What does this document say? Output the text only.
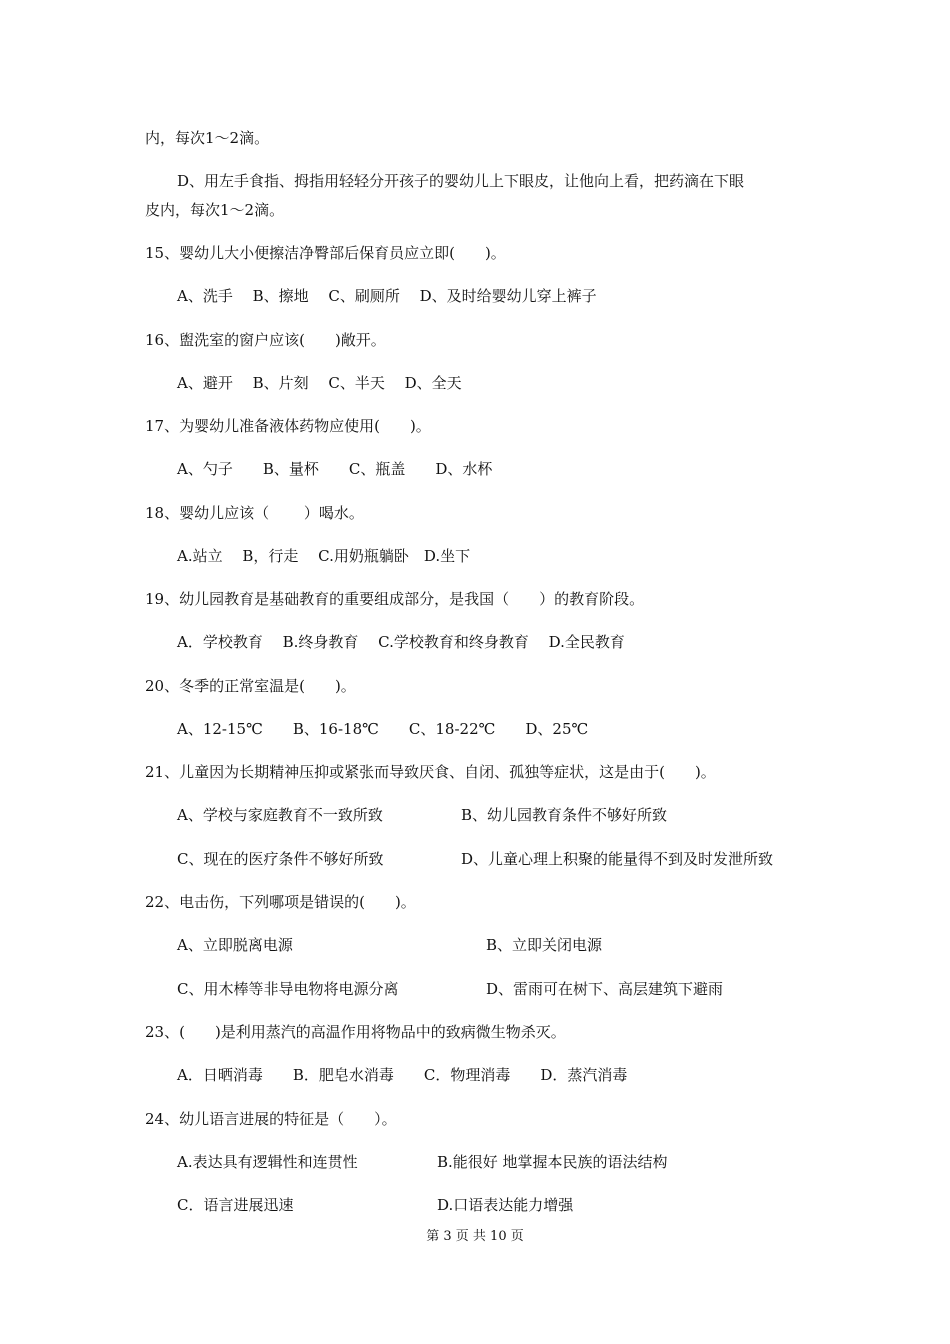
内，每次1～2滴。

D、用左手食指、拇指用轻轻分开孩子的婴幼儿上下眼皮，让他向上看，把药滴在下眼

皮内，每次1～2滴。

15、婴幼儿大小便擦洁净臀部后保育员应立即(　　)。

A、洗手　 B、擦地　 C、刷厕所　 D、及时给婴幼儿穿上裤子

16、盥洗室的窗户应该(　　)敞开。

A、避开　 B、片刻　 C、半天　 D、全天

17、为婴幼儿准备液体药物应使用(　　)。

A、勺子　　B、量杯　　C、瓶盖　　D、水杯

18、婴幼儿应该（　　 ）喝水。

A.站立　 B，行走　 C.用奶瓶躺卧　D.坐下

19、幼儿园教育是基础教育的重要组成部分，是我国（　　）的教育阶段。

A．学校教育　 B.终身教育　 C.学校教育和终身教育　 D.全民教育

20、冬季的正常室温是(　　)。

A、12-15℃　　B、16-18℃　　C、18-22℃　　D、25℃

21、儿童因为长期精神压抑或紧张而导致厌食、自闭、孤独等症状，这是由于(　　)。

A、学校与家庭教育不一致所致	B、幼儿园教育条件不够好所致

C、现在的医疗条件不够好所致	D、儿童心理上积聚的能量得不到及时发泄所致

22、电击伤，下列哪项是错误的(　　)。

A、立即脱离电源	B、立即关闭电源

C、用木棒等非导电物将电源分离	D、雷雨可在树下、高层建筑下避雨

23、(　　)是利用蒸汽的高温作用将物品中的致病微生物杀灭。

A．日晒消毒　　B．肥皂水消毒　　C．物理消毒　　D．蒸汽消毒

24、幼儿语言进展的特征是（　　）。

A.表达具有逻辑性和连贯性	B.能很好 地掌握本民族的语法结构

C．语言进展迅速	D.口语表达能力增强

第 3 页 共 10 页
